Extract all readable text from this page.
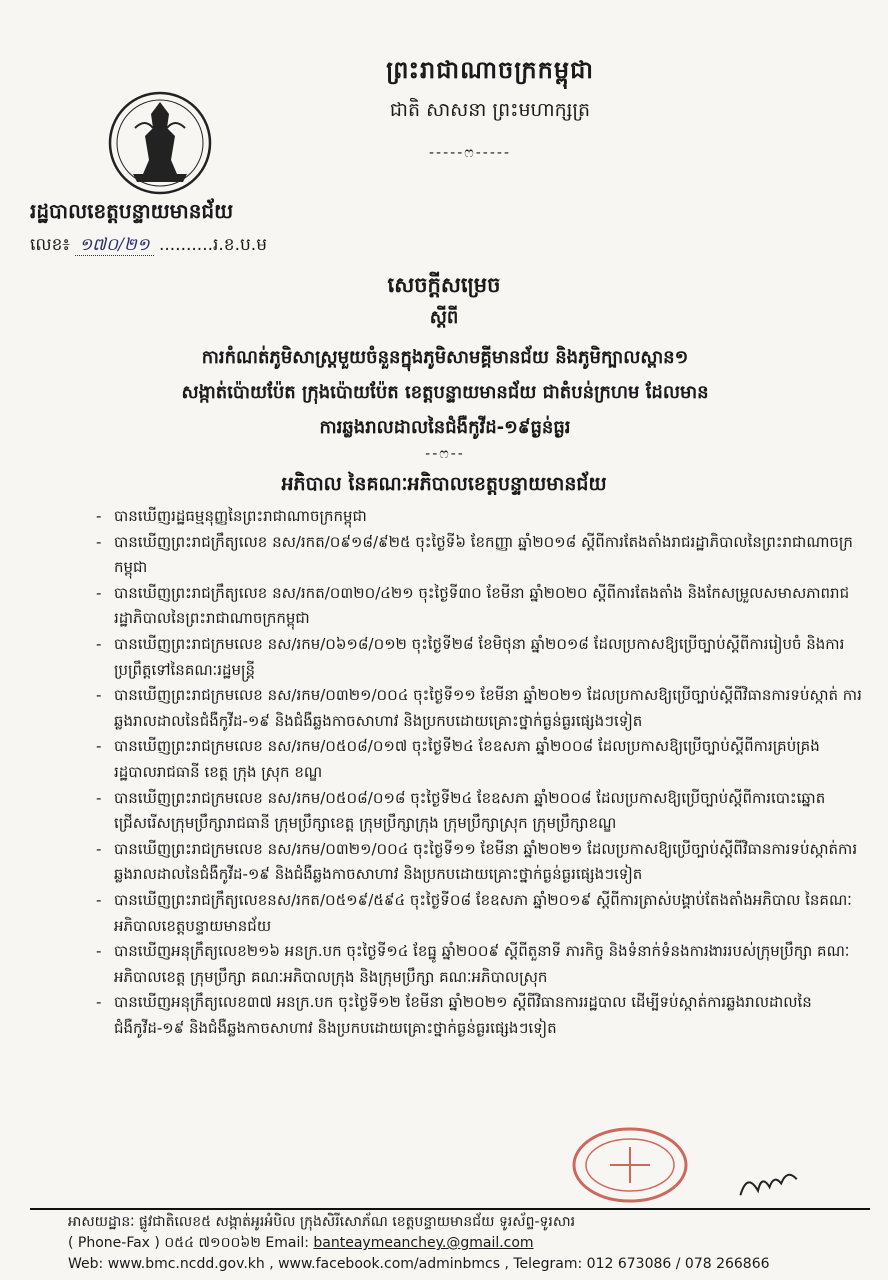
ព្រះរាជាណាចក្រកម្ពុជា
ជាតិ សាសនា ព្រះមហាក្សត្រ
-----ෆ-----
រដ្ឋបាលខេត្តបន្ទាយមានជ័យ
លេខ៖ ១៧០/២១ ..........រ.ខ.ប.ម
សេចក្តីសម្រេច
ស្តីពី
ការកំណត់ភូមិសាស្ត្រមួយចំនួនក្នុងភូមិសាមគ្គីមានជ័យ និងភូមិក្បាលស្ពាន១
សង្កាត់ប៉ោយប៉ែត ក្រុងប៉ោយប៉ែត ខេត្តបន្ទាយមានជ័យ ជាតំបន់ក្រហម ដែលមាន
ការឆ្លងរាលដាលនៃជំងឺកូវីដ-១៩ធ្ងន់ធ្ងរ
--ෆ--
អភិបាល នៃគណៈអភិបាលខេត្តបន្ទាយមានជ័យ
- បានឃើញរដ្ឋធម្មនុញ្ញនៃព្រះរាជាណាចក្រកម្ពុជា
- បានឃើញព្រះរាជក្រឹត្យលេខ នស/រកត/០៩១៨/៩២៥ ចុះថ្ងៃទី៦ ខែកញ្ញា ឆ្នាំ២០១៨ ស្តីពីការតែងតាំងរាជរដ្ឋាភិបាលនៃព្រះរាជាណាចក្រកម្ពុជា
- បានឃើញព្រះរាជក្រឹត្យលេខ នស/រកត/០៣២០/៤២១ ចុះថ្ងៃទី៣០ ខែមីនា ឆ្នាំ២០២០ ស្តីពីការតែងតាំង និងកែសម្រួលសមាសភាពរាជរដ្ឋាភិបាលនៃព្រះរាជាណាចក្រកម្ពុជា
- បានឃើញព្រះរាជក្រមលេខ នស/រកម/០៦១៨/០១២ ចុះថ្ងៃទី២៨ ខែមិថុនា ឆ្នាំ២០១៨ ដែលប្រកាសឱ្យប្រើច្បាប់ស្តីពីការរៀបចំ និងការប្រព្រឹត្តទៅនៃគណៈរដ្ឋមន្ត្រី
- បានឃើញព្រះរាជក្រមលេខ នស/រកម/០៣២១/០០៤ ចុះថ្ងៃទី១១ ខែមីនា ឆ្នាំ២០២១ ដែលប្រកាសឱ្យប្រើច្បាប់ស្តីពីវិធានការទប់ស្កាត់ ការឆ្លងរាលដាលនៃជំងឺកូវីដ-១៩ និងជំងឺឆ្លងកាចសាហាវ និងប្រកបដោយគ្រោះថ្នាក់ធ្ងន់ធ្ងរផ្សេងៗទៀត
- បានឃើញព្រះរាជក្រមលេខ នស/រកម/០៥០៨/០១៧ ចុះថ្ងៃទី២៤ ខែឧសភា ឆ្នាំ២០០៨ ដែលប្រកាសឱ្យប្រើច្បាប់ស្តីពីការគ្រប់គ្រងរដ្ឋបាលរាជធានី ខេត្ត ក្រុង ស្រុក ខណ្ឌ
- បានឃើញព្រះរាជក្រមលេខ នស/រកម/០៥០៨/០១៨ ចុះថ្ងៃទី២៤ ខែឧសភា ឆ្នាំ២០០៨ ដែលប្រកាសឱ្យប្រើច្បាប់ស្តីពីការបោះឆ្នោតជ្រើសរើសក្រុមប្រឹក្សារាជធានី ក្រុមប្រឹក្សាខេត្ត ក្រុមប្រឹក្សាក្រុង ក្រុមប្រឹក្សាស្រុក ក្រុមប្រឹក្សាខណ្ឌ
- បានឃើញព្រះរាជក្រមលេខ នស/រកម/០៣២១/០០៤ ចុះថ្ងៃទី១១ ខែមីនា ឆ្នាំ២០២១ ដែលប្រកាសឱ្យប្រើច្បាប់ស្តីពីវិធានការទប់ស្កាត់ការឆ្លងរាលដាលនៃជំងឺកូវីដ-១៩ និងជំងឺឆ្លងកាចសាហាវ និងប្រកបដោយគ្រោះថ្នាក់ធ្ងន់ធ្ងរផ្សេងៗទៀត
- បានឃើញព្រះរាជក្រឹត្យលេខនស/រកត/០៥១៩/៥៩៤ ចុះថ្ងៃទី០៨ ខែឧសភា ឆ្នាំ២០១៩ ស្តីពីការត្រាស់បង្គាប់តែងតាំងអភិបាល នៃគណៈអភិបាលខេត្តបន្ទាយមានជ័យ
- បានឃើញអនុក្រឹត្យលេខ២១៦ អនក្រ.បក ចុះថ្ងៃទី១៤ ខែធ្នូ ឆ្នាំ២០០៩ ស្តីពីតួនាទី ភារកិច្ច និងទំនាក់ទំនងការងាររបស់ក្រុមប្រឹក្សា គណៈអភិបាលខេត្ត ក្រុមប្រឹក្សា គណៈអភិបាលក្រុង និងក្រុមប្រឹក្សា គណៈអភិបាលស្រុក
- បានឃើញអនុក្រឹត្យលេខ៣៧ អនក្រ.បក ចុះថ្ងៃទី១២ ខែមីនា ឆ្នាំ២០២១ ស្តីពីវិធានការរដ្ឋបាល ដើម្បីទប់ស្កាត់ការឆ្លងរាលដាលនៃជំងឺកូវីដ-១៩ និងជំងឺឆ្លងកាចសាហាវ និងប្រកបដោយគ្រោះថ្នាក់ធ្ងន់ធ្ងរផ្សេងៗទៀត
អាសយដ្ឋានៈ ផ្លូវជាតិលេខ៥ សង្កាត់អូរអំបិល ក្រុងសិរីសោភ័ណ ខេត្តបន្ទាយមានជ័យ ទូរស័ព្ទ-ទូរសារ
( Phone-Fax ) ០៥៤ ៧១០០៦២ Email: banteaymeanchey.@gmail.com
Web: www.bmc.ncdd.gov.kh , www.facebook.com/adminbmcs , Telegram: 012 673086 / 078 266866
